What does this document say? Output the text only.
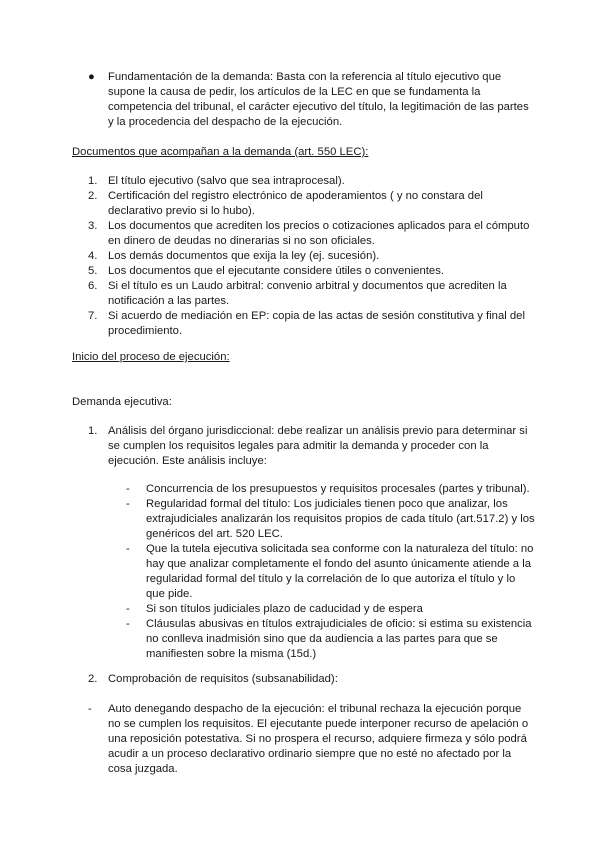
● Fundamentación de la demanda: Basta con la referencia al título ejecutivo que
supone la causa de pedir, los artículos de la LEC en que se fundamenta la
competencia del tribunal, el carácter ejecutivo del título, la legitimación de las partes
y la procedencia del despacho de la ejecución.
Documentos que acompañan a la demanda (art. 550 LEC):
1. El título ejecutivo (salvo que sea intraprocesal).
2. Certificación del registro electrónico de apoderamientos ( y no constara del
declarativo previo si lo hubo).
3. Los documentos que acrediten los precios o cotizaciones aplicados para el cómputo
en dinero de deudas no dinerarias si no son oficiales.
4. Los demás documentos que exija la ley (ej. sucesión).
5. Los documentos que el ejecutante considere útiles o convenientes.
6. Si el título es un Laudo arbitral: convenio arbitral y documentos que acrediten la
notificación a las partes.
7. Si acuerdo de mediación en EP: copia de las actas de sesión constitutiva y final del
procedimiento.
Inicio del proceso de ejecución:
Demanda ejecutiva:
1. Análisis del órgano jurisdiccional: debe realizar un análisis previo para determinar si
se cumplen los requisitos legales para admitir la demanda y proceder con la
ejecución. Este análisis incluye:
- Concurrencia de los presupuestos y requisitos procesales (partes y tribunal).
- Regularidad formal del título: Los judiciales tienen poco que analizar, los
extrajudiciales analizarán los requisitos propios de cada título (art.517.2) y los
genéricos del art. 520 LEC.
- Que la tutela ejecutiva solicitada sea conforme con la naturaleza del título: no
hay que analizar completamente el fondo del asunto únicamente atiende a la
regularidad formal del título y la correlación de lo que autoriza el título y lo
que pide.
- Si son títulos judiciales plazo de caducidad y de espera
- Cláusulas abusivas en títulos extrajudiciales de oficio: si estima su existencia
no conlleva inadmisión sino que da audiencia a las partes para que se
manifiesten sobre la misma (15d.)
2. Comprobación de requisitos (subsanabilidad):
- Auto denegando despacho de la ejecución: el tribunal rechaza la ejecución porque
no se cumplen los requisitos. El ejecutante puede interponer recurso de apelación o
una reposición potestativa. Si no prospera el recurso, adquiere firmeza y sólo podrá
acudir a un proceso declarativo ordinario siempre que no esté no afectado por la
cosa juzgada.
